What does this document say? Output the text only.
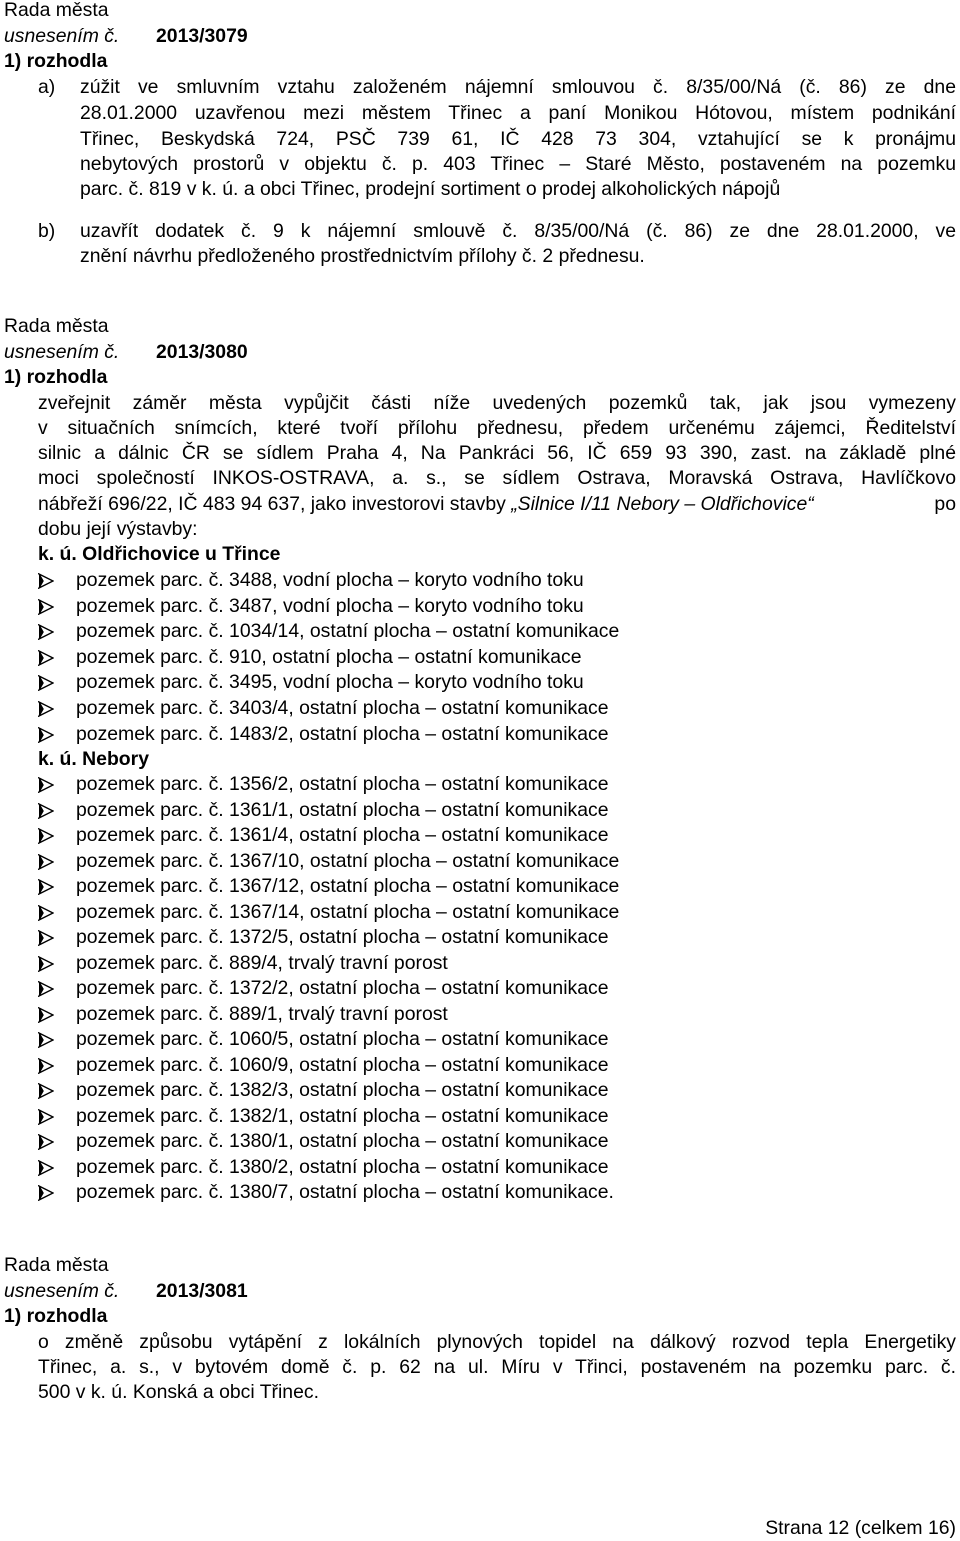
Rada města
usnesením č. 2013/3079
1) rozhodla
a) zúžit ve smluvním vztahu založeném nájemní smlouvou č. 8/35/00/Ná (č. 86) ze dne
28.01.2000 uzavřenou mezi městem Třinec a paní Monikou Hótovou, místem podnikání
Třinec, Beskydská 724, PSČ 739 61, IČ 428 73 304, vztahující se k pronájmu
nebytových prostorů v objektu č. p. 403 Třinec – Staré Město, postaveném na pozemku
parc. č. 819 v k. ú. a obci Třinec, prodejní sortiment o prodej alkoholických nápojů
b) uzavřít dodatek č. 9 k nájemní smlouvě č. 8/35/00/Ná (č. 86) ze dne 28.01.2000, ve
znění návrhu předloženého prostřednictvím přílohy č. 2 přednesu.
Rada města
usnesením č. 2013/3080
1) rozhodla
zveřejnit záměr města vypůjčit části níže uvedených pozemků tak, jak jsou vymezeny
v situačních snímcích, které tvoří přílohu přednesu, předem určenému zájemci, Ředitelství
silnic a dálnic ČR se sídlem Praha 4, Na Pankráci 56, IČ 659 93 390, zast. na základě plné
moci společností INKOS-OSTRAVA, a. s., se sídlem Ostrava, Moravská Ostrava, Havlíčkovo
nábřeží 696/22, IČ 483 94 637, jako investorovi stavby „Silnice I/11 Nebory – Oldřichovice“	po
dobu její výstavby:
k. ú. Oldřichovice u Třince
pozemek parc. č. 3488, vodní plocha – koryto vodního toku
pozemek parc. č. 3487, vodní plocha – koryto vodního toku
pozemek parc. č. 1034/14, ostatní plocha – ostatní komunikace
pozemek parc. č. 910, ostatní plocha – ostatní komunikace
pozemek parc. č. 3495, vodní plocha – koryto vodního toku
pozemek parc. č. 3403/4, ostatní plocha – ostatní komunikace
pozemek parc. č. 1483/2, ostatní plocha – ostatní komunikace
k. ú. Nebory
pozemek parc. č. 1356/2, ostatní plocha – ostatní komunikace
pozemek parc. č. 1361/1, ostatní plocha – ostatní komunikace
pozemek parc. č. 1361/4, ostatní plocha – ostatní komunikace
pozemek parc. č. 1367/10, ostatní plocha – ostatní komunikace
pozemek parc. č. 1367/12, ostatní plocha – ostatní komunikace
pozemek parc. č. 1367/14, ostatní plocha – ostatní komunikace
pozemek parc. č. 1372/5, ostatní plocha – ostatní komunikace
pozemek parc. č. 889/4, trvalý travní porost
pozemek parc. č. 1372/2, ostatní plocha – ostatní komunikace
pozemek parc. č. 889/1, trvalý travní porost
pozemek parc. č. 1060/5, ostatní plocha – ostatní komunikace
pozemek parc. č. 1060/9, ostatní plocha – ostatní komunikace
pozemek parc. č. 1382/3, ostatní plocha – ostatní komunikace
pozemek parc. č. 1382/1, ostatní plocha – ostatní komunikace
pozemek parc. č. 1380/1, ostatní plocha – ostatní komunikace
pozemek parc. č. 1380/2, ostatní plocha – ostatní komunikace
pozemek parc. č. 1380/7, ostatní plocha – ostatní komunikace.
Rada města
usnesením č. 2013/3081
1) rozhodla
o změně způsobu vytápění z lokálních plynových topidel na dálkový rozvod tepla Energetiky
Třinec, a. s., v bytovém domě č. p. 62 na ul. Míru v Třinci, postaveném na pozemku parc. č.
500 v k. ú. Konská a obci Třinec.
Strana 12 (celkem 16)
